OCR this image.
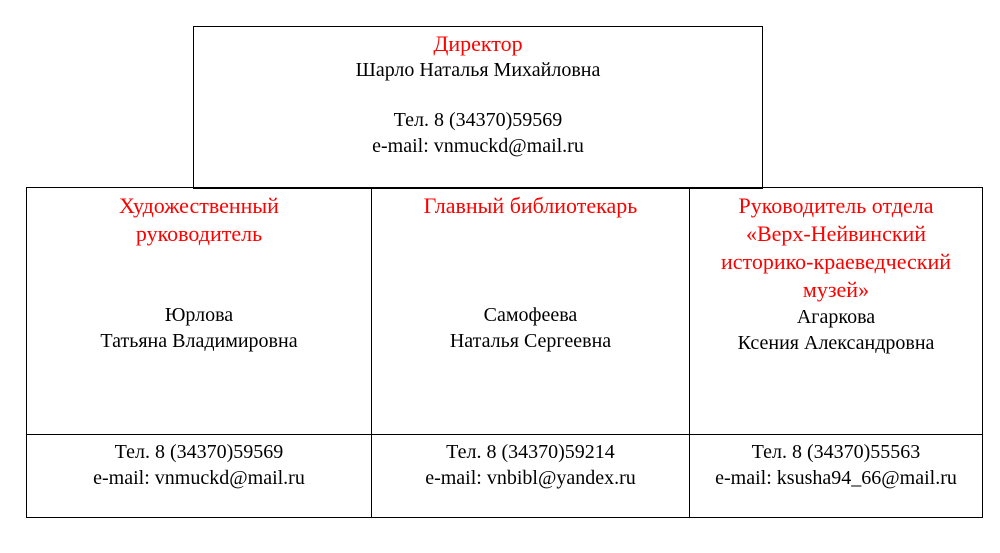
Директор
Шарло Наталья Михайловна
Тел. 8 (34370)59569
e-mail: vnmuckd@mail.ru
Художественный
руководитель
Юрлова
Татьяна Владимировна
Главный библиотекарь
Самофеева
Наталья Сергеевна
Руководитель отдела
«Верх-Нейвинский
историко-краеведческий
музей»
Агаркова
Ксения Александровна
Тел. 8 (34370)59569
e-mail: vnmuckd@mail.ru
Тел. 8 (34370)59214
e-mail: vnbibl@yandex.ru
Тел. 8 (34370)55563
e-mail: ksusha94_66@mail.ru
